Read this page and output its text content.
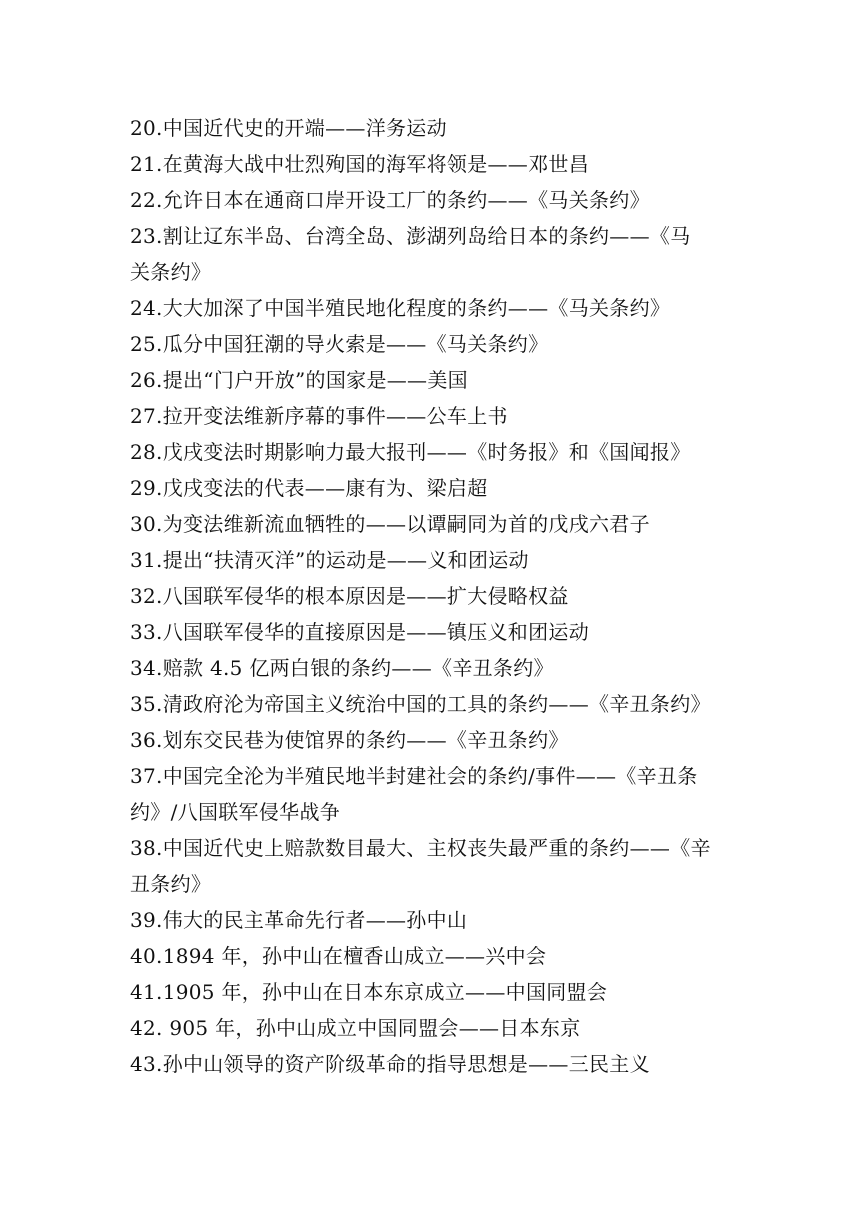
20.中国近代史的开端——洋务运动
21.在黄海大战中壮烈殉国的海军将领是——邓世昌
22.允许日本在通商口岸开设工厂的条约——《马关条约》
23.割让辽东半岛、台湾全岛、澎湖列岛给日本的条约——《马
关条约》
24.大大加深了中国半殖民地化程度的条约——《马关条约》
25.瓜分中国狂潮的导火索是——《马关条约》
26.提出“门户开放”的国家是——美国
27.拉开变法维新序幕的事件——公车上书
28.戊戌变法时期影响力最大报刊——《时务报》和《国闻报》
29.戊戌变法的代表——康有为、梁启超
30.为变法维新流血牺牲的——以谭嗣同为首的戊戌六君子
31.提出“扶清灭洋”的运动是——义和团运动
32.八国联军侵华的根本原因是——扩大侵略权益
33.八国联军侵华的直接原因是——镇压义和团运动
34.赔款 4.5 亿两白银的条约——《辛丑条约》
35.清政府沦为帝国主义统治中国的工具的条约——《辛丑条约》
36.划东交民巷为使馆界的条约——《辛丑条约》
37.中国完全沦为半殖民地半封建社会的条约/事件——《辛丑条
约》/八国联军侵华战争
38.中国近代史上赔款数目最大、主权丧失最严重的条约——《辛
丑条约》
39.伟大的民主革命先行者——孙中山
40.1894 年，孙中山在檀香山成立——兴中会
41.1905 年，孙中山在日本东京成立——中国同盟会
42. 905 年，孙中山成立中国同盟会——日本东京
43.孙中山领导的资产阶级革命的指导思想是——三民主义
